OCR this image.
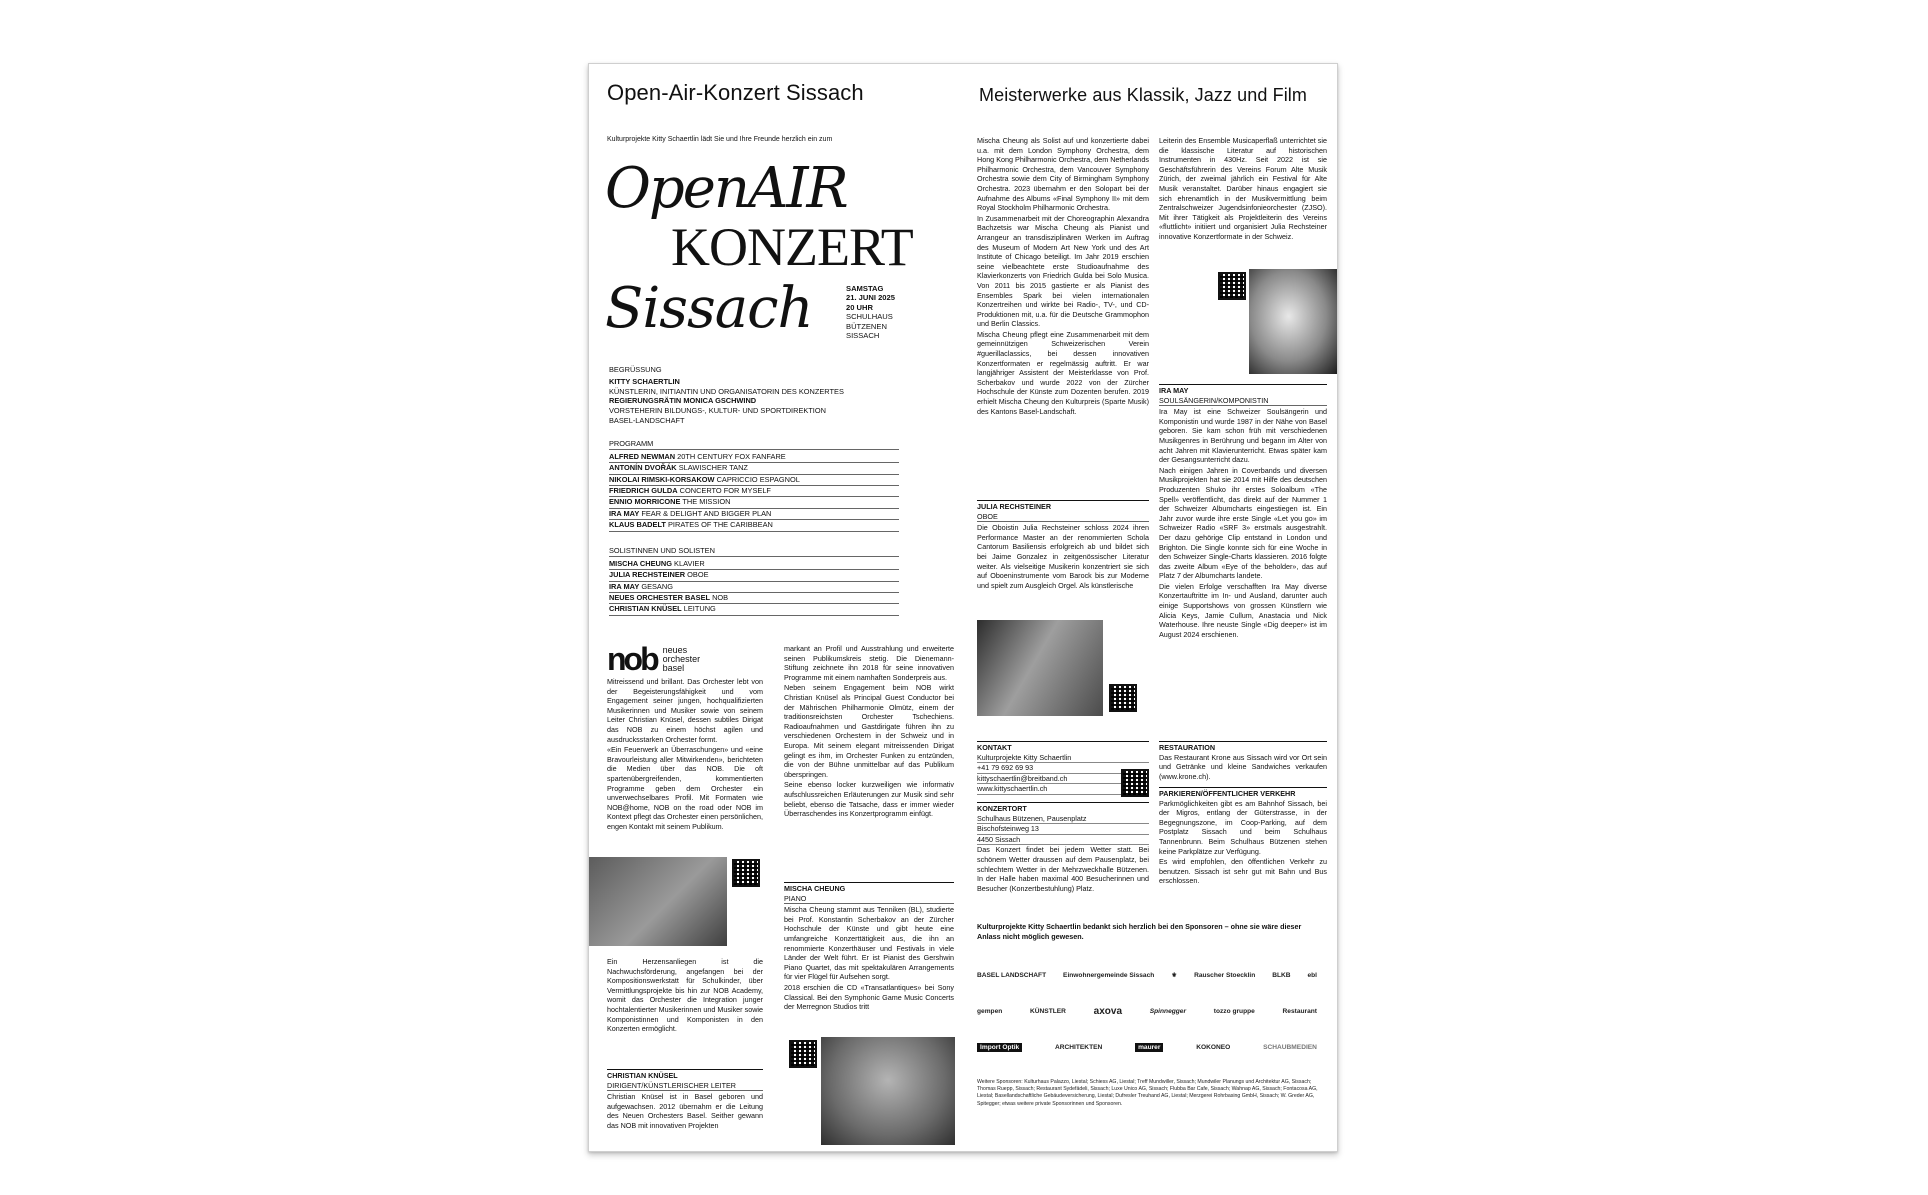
Open-Air-Konzert Sissach	Meisterwerke aus Klassik, Jazz und Film
Kulturprojekte Kitty Schaertlin lädt Sie und Ihre Freunde herzlich ein zum
OpenAIR
KONZERT
Sissach	SAMSTAG
21. JUNI 2025
20 UHR
SCHULHAUS
BÜTZENEN
SISSACH
BEGRÜSSUNG
KITTY SCHAERTLIN
KÜNSTLERIN, INITIANTIN UND ORGANISATORIN DES KONZERTES
REGIERUNGSRÄTIN MONICA GSCHWIND
VORSTEHERIN BILDUNGS-, KULTUR- UND SPORTDIREKTION
BASEL-LANDSCHAFT
PROGRAMM
ALFRED NEWMAN 20TH CENTURY FOX FANFARE
ANTONÍN DVOŘÁK SLAWISCHER TANZ
NIKOLAI RIMSKI-KORSAKOW CAPRICCIO ESPAGNOL
FRIEDRICH GULDA CONCERTO FOR MYSELF
ENNIO MORRICONE THE MISSION
IRA MAY FEAR & DELIGHT AND BIGGER PLAN
KLAUS BADELT PIRATES OF THE CARIBBEAN
SOLISTINNEN UND SOLISTEN
MISCHA CHEUNG KLAVIER
JULIA RECHSTEINER OBOE
IRA MAY GESANG
NEUES ORCHESTER BASEL NOB
CHRISTIAN KNÜSEL LEITUNG
nob neues
orchester
basel

Mitreissend und brillant. Das Orchester lebt von der Begeisterungsfähigkeit und vom Engagement seiner jungen, hochqualifizierten Musikerinnen und Musiker sowie von seinem Leiter Christian Knüsel, dessen subtiles Dirigat das NOB zu einem höchst agilen und ausdrucksstarken Orchester formt.

«Ein Feuerwerk an Überraschungen» und «eine Bravourleistung aller Mitwirkenden», berichteten die Medien über das NOB. Die oft spartenübergreifenden, kommentierten Programme geben dem Orchester ein unverwechselbares Profil. Mit Formaten wie NOB@home, NOB on the road oder NOB im Kontext pflegt das Orchester einen persönlichen, engen Kontakt mit seinem Publikum.

Ein Herzensanliegen ist die Nachwuchsförderung, angefangen bei der Kompositionswerkstatt für Schulkinder, über Vermittlungsprojekte bis hin zur NOB Academy, womit das Orchester die Integration junger hochtalentierter Musikerinnen und Musiker sowie Komponistinnen und Komponisten in den Konzerten ermöglicht.

CHRISTIAN KNÜSEL
DIRIGENT/KÜNSTLERISCHER LEITER

Christian Knüsel ist in Basel geboren und aufgewachsen. 2012 übernahm er die Leitung des Neuen Orchesters Basel. Seither gewann das NOB mit innovativen Projekten

markant an Profil und Ausstrahlung und erweiterte seinen Publikumskreis stetig. Die Dienemann-Stiftung zeichnete ihn 2018 für seine innovativen Programme mit einem namhaften Sonderpreis aus.

Neben seinem Engagement beim NOB wirkt Christian Knüsel als Principal Guest Conductor bei der Mährischen Philharmonie Olmütz, einem der traditionsreichsten Orchester Tschechiens. Radioaufnahmen und Gastdirigate führen ihn zu verschiedenen Orchestern in der Schweiz und in Europa. Mit seinem elegant mitreissenden Dirigat gelingt es ihm, im Orchester Funken zu entzünden, die von der Bühne unmittelbar auf das Publikum überspringen.

Seine ebenso locker kurzweiligen wie informativ aufschlussreichen Erläuterungen zur Musik sind sehr beliebt, ebenso die Tatsache, dass er immer wieder Überraschendes ins Konzertprogramm einfügt.

MISCHA CHEUNG
PIANO

Mischa Cheung stammt aus Tenniken (BL), studierte bei Prof. Konstantin Scherbakov an der Zürcher Hochschule der Künste und gibt heute eine umfangreiche Konzerttätigkeit aus, die ihn an renommierte Konzerthäuser und Festivals in viele Länder der Welt führt. Er ist Pianist des Gershwin Piano Quartet, das mit spektakulären Arrangements für vier Flügel für Aufsehen sorgt.

2018 erschien die CD «Transatlantiques» bei Sony Classical. Bei den Symphonic Game Music Concerts der Merregnon Studios tritt

Mischa Cheung als Solist auf und konzertierte dabei u.a. mit dem London Symphony Orchestra, dem Hong Kong Philharmonic Orchestra, dem Netherlands Philharmonic Orchestra, dem Vancouver Symphony Orchestra sowie dem City of Birmingham Symphony Orchestra. 2023 übernahm er den Solopart bei der Aufnahme des Albums «Final Symphony II» mit dem Royal Stockholm Philharmonic Orchestra.

In Zusammenarbeit mit der Choreographin Alexandra Bachzetsis war Mischa Cheung als Pianist und Arrangeur an transdisziplinären Werken im Auftrag des Museum of Modern Art New York und des Art Institute of Chicago beteiligt. Im Jahr 2019 erschien seine vielbeachtete erste Studioaufnahme des Klavierkonzerts von Friedrich Gulda bei Solo Musica. Von 2011 bis 2015 gastierte er als Pianist des Ensembles Spark bei vielen internationalen Konzertreihen und wirkte bei Radio-, TV-, und CD-Produktionen mit, u.a. für die Deutsche Grammophon und Berlin Classics.

Mischa Cheung pflegt eine Zusammenarbeit mit dem gemeinnützigen Schweizerischen Verein #guerillaclassics, bei dessen innovativen Konzertformaten er regelmässig auftritt. Er war langjähriger Assistent der Meisterklasse von Prof. Scherbakov und wurde 2022 von der Zürcher Hochschule der Künste zum Dozenten berufen. 2019 erhielt Mischa Cheung den Kulturpreis (Sparte Musik) des Kantons Basel-Landschaft.

JULIA RECHSTEINER
OBOE

Die Oboistin Julia Rechsteiner schloss 2024 ihren Performance Master an der renommierten Schola Cantorum Basiliensis erfolgreich ab und bildet sich bei Jaime Gonzalez in zeitgenössischer Literatur weiter. Als vielseitige Musikerin konzentriert sie sich auf Oboeninstrumente vom Barock bis zur Moderne und spielt zum Ausgleich Orgel. Als künstlerische

Leiterin des Ensemble Musicaperflaß unterrichtet sie die klassische Literatur auf historischen Instrumenten in 430Hz. Seit 2022 ist sie Geschäftsführerin des Vereins Forum Alte Musik Zürich, der zweimal jährlich ein Festival für Alte Musik veranstaltet. Darüber hinaus engagiert sie sich ehrenamtlich in der Musikvermittlung beim Zentralschweizer Jugendsinfonieorchester (ZJSO). Mit ihrer Tätigkeit als Projektleiterin des Vereins «fluttlicht» initiiert und organisiert Julia Rechsteiner innovative Konzertformate in der Schweiz.

IRA MAY
SOULSÄNGERIN/KOMPONISTIN

Ira May ist eine Schweizer Soulsängerin und Komponistin und wurde 1987 in der Nähe von Basel geboren. Sie kam schon früh mit verschiedenen Musikgenres in Berührung und begann im Alter von acht Jahren mit Klavierunterricht. Etwas später kam der Gesangsunterricht dazu.

Nach einigen Jahren in Coverbands und diversen Musikprojekten hat sie 2014 mit Hilfe des deutschen Produzenten Shuko ihr erstes Soloalbum «The Spell» veröffentlicht, das direkt auf der Nummer 1 der Schweizer Albumcharts eingestiegen ist. Ein Jahr zuvor wurde ihre erste Single «Let you go» im Schweizer Radio «SRF 3» erstmals ausgestrahlt. Der dazu gehörige Clip entstand in London und Brighton. Die Single konnte sich für eine Woche in den Schweizer Single-Charts klassieren. 2016 folgte das zweite Album «Eye of the beholder», das auf Platz 7 der Albumcharts landete.

Die vielen Erfolge verschafften Ira May diverse Konzertauftritte im In- und Ausland, darunter auch einige Supportshows von grossen Künstlern wie Alicia Keys, Jamie Cullum, Anastacia und Nick Waterhouse. Ihre neuste Single «Dig deeper» ist im August 2024 erschienen.

KONTAKT
Kulturprojekte Kitty Schaertlin
+41 79 692 69 93
kittyschaertlin@breitband.ch
www.kittyschaertlin.ch
KONZERTORT
Schulhaus Bützenen, Pausenplatz
Bischofsteinweg 13
4450 Sissach

Das Konzert findet bei jedem Wetter statt. Bei schönem Wetter draussen auf dem Pausenplatz, bei schlechtem Wetter in der Mehrzweckhalle Bützenen. In der Halle haben maximal 400 Besucherinnen und Besucher (Konzertbestuhlung) Platz.

RESTAURATION

Das Restaurant Krone aus Sissach wird vor Ort sein und Getränke und kleine Sandwiches verkaufen (www.krone.ch).

PARKIEREN/ÖFFENTLICHER VERKEHR

Parkmöglichkeiten gibt es am Bahnhof Sissach, bei der Migros, entlang der Güterstrasse, in der Begegnungszone, im Coop-Parking, auf dem Postplatz Sissach und beim Schulhaus Tannenbrunn. Beim Schulhaus Bützenen stehen keine Parkplätze zur Verfügung.

Es wird empfohlen, den öffentlichen Verkehr zu benutzen. Sissach ist sehr gut mit Bahn und Bus erschlossen.

Kulturprojekte Kitty Schaertlin bedankt sich herzlich bei den Sponsoren – ohne sie wäre dieser Anlass nicht möglich gewesen.
BASEL LANDSCHAFT	Einwohnergemeinde Sissach	⚜	Rauscher Stoecklin	BLKB	ebl
gempen	KÜNSTLER	axova	Spinnegger	tozzo gruppe	Restaurant
Import Optik	ARCHITEKTEN	maurer	KOKONEO	SCHAUBMEDIEN
Weitere Sponsoren: Kulturhaus Palazzo, Liestal; Schiess AG, Liestal; Treff Mundwiller, Sissach; Mundwiler Planungs und Architektur AG, Sissach; Thomas Ruepp, Sissach; Restaurant Sydefädeli, Sissach; Luxe Unico AG, Sissach; Flubba Bar Cafe, Sissach; Wahnap AG, Sissach; Fontacosa AG, Liestal; Basellandschaftliche Gebäudeversicherung, Liestal; Dufresler Treuhand AG, Liestal; Merzgerei Rohrbasing GmbH, Sissach; W. Greder AG, Spitegger; etwas weitere private Sponsorinnen und Sponsoren.
